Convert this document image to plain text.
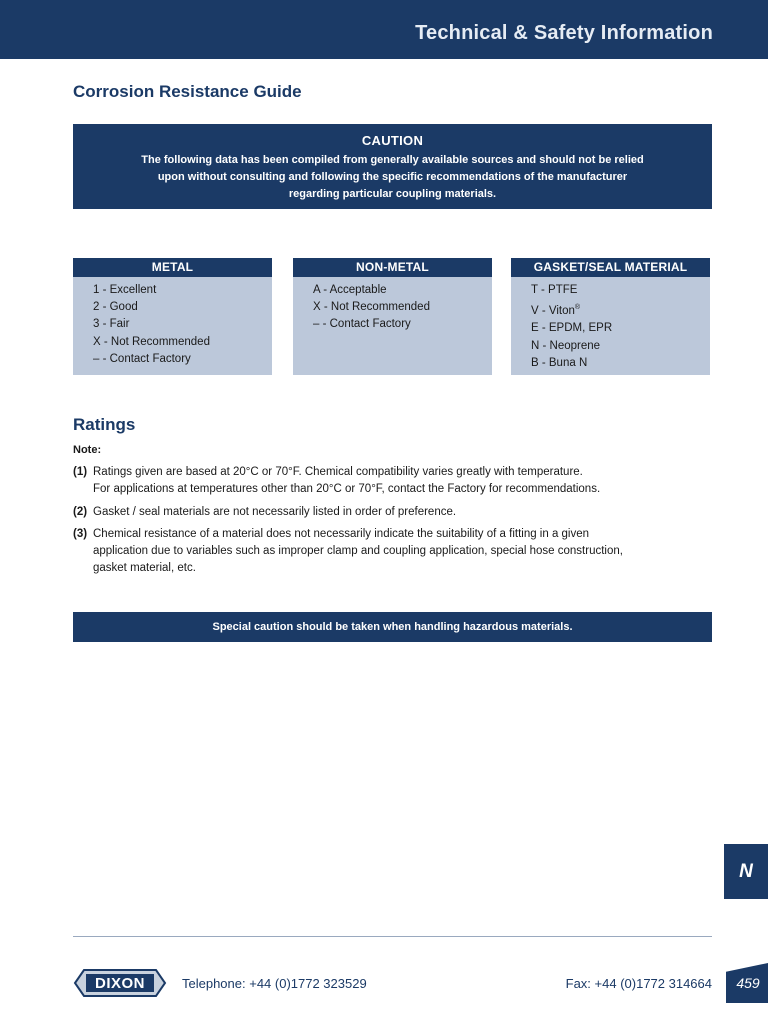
Technical & Safety Information
Corrosion Resistance Guide
CAUTION
The following data has been compiled from generally available sources and should not be relied upon without consulting and following the specific recommendations of the manufacturer regarding particular coupling materials.
METAL
1 - Excellent
2 - Good
3 - Fair
X - Not Recommended
– - Contact Factory
NON-METAL
A - Acceptable
X - Not Recommended
– - Contact Factory
GASKET/SEAL MATERIAL
T - PTFE
V - Viton®
E - EPDM, EPR
N - Neoprene
B - Buna N
Ratings
Note:
(1) Ratings given are based at 20°C or 70°F. Chemical compatibility varies greatly with temperature.
For applications at temperatures other than 20°C or 70°F, contact the Factory for recommendations.
(2) Gasket / seal materials are not necessarily listed in order of preference.
(3) Chemical resistance of a material does not necessarily indicate the suitability of a fitting in a given
application due to variables such as improper clamp and coupling application, special hose construction,
gasket material, etc.
Special caution should be taken when handling hazardous materials.
N
DIXON	Telephone: +44 (0)1772 323529	Fax: +44 (0)1772 314664	459
